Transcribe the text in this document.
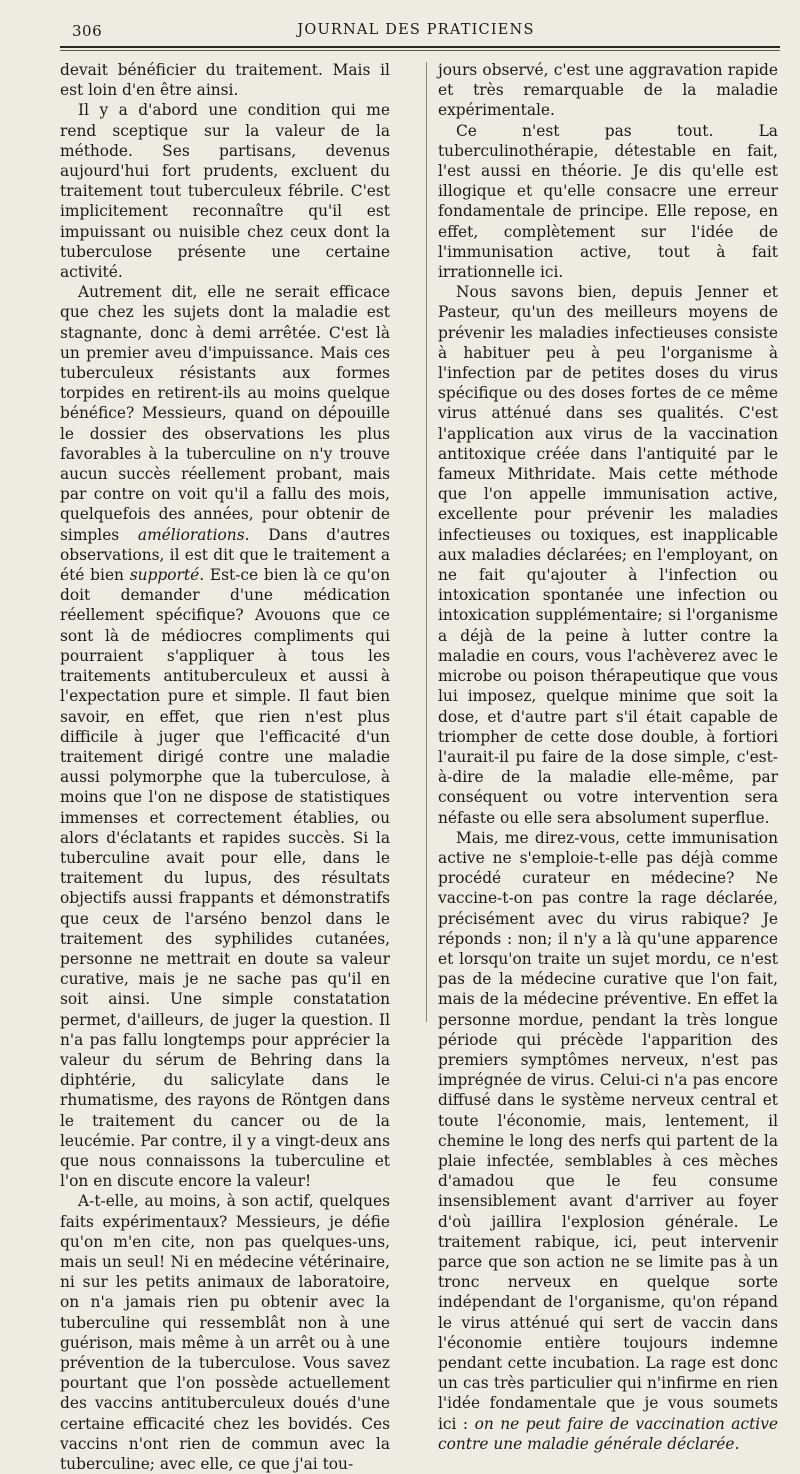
306	JOURNAL DES PRATICIENS

devait bénéficier du traitement. Mais il est loin d'en être ainsi.

Il y a d'abord une condition qui me rend sceptique sur la valeur de la méthode. Ses partisans, devenus aujourd'hui fort prudents, excluent du traitement tout tuberculeux fébrile. C'est implicitement reconnaître qu'il est impuissant ou nuisible chez ceux dont la tuberculose présente une certaine activité.

Autrement dit, elle ne serait efficace que chez les sujets dont la maladie est stagnante, donc à demi arrêtée. C'est là un premier aveu d'impuissance. Mais ces tuberculeux résistants aux formes torpides en retirent-ils au moins quelque bénéfice? Messieurs, quand on dépouille le dossier des observations les plus favorables à la tuberculine on n'y trouve aucun succès réellement probant, mais par contre on voit qu'il a fallu des mois, quelquefois des années, pour obtenir de simples améliorations. Dans d'autres observations, il est dit que le traitement a été bien supporté. Est-ce bien là ce qu'on doit demander d'une médication réellement spécifique? Avouons que ce sont là de médiocres compliments qui pourraient s'appliquer à tous les traitements antituberculeux et aussi à l'expectation pure et simple. Il faut bien savoir, en effet, que rien n'est plus difficile à juger que l'efficacité d'un traitement dirigé contre une maladie aussi polymorphe que la tuberculose, à moins que l'on ne dispose de statistiques immenses et correctement établies, ou alors d'éclatants et rapides succès. Si la tuberculine avait pour elle, dans le traitement du lupus, des résultats objectifs aussi frappants et démonstratifs que ceux de l'arséno benzol dans le traitement des syphilides cutanées, personne ne mettrait en doute sa valeur curative, mais je ne sache pas qu'il en soit ainsi. Une simple constatation permet, d'ailleurs, de juger la question. Il n'a pas fallu longtemps pour apprécier la valeur du sérum de Behring dans la diphtérie, du salicylate dans le rhumatisme, des rayons de Röntgen dans le traitement du cancer ou de la leucémie. Par contre, il y a vingt-deux ans que nous connaissons la tuberculine et l'on en discute encore la valeur!

A-t-elle, au moins, à son actif, quelques faits expérimentaux? Messieurs, je défie qu'on m'en cite, non pas quelques-uns, mais un seul! Ni en médecine vétérinaire, ni sur les petits animaux de laboratoire, on n'a jamais rien pu obtenir avec la tuberculine qui ressemblât non à une guérison, mais même à un arrêt ou à une prévention de la tuberculose. Vous savez pourtant que l'on possède actuellement des vaccins antituberculeux doués d'une certaine efficacité chez les bovidés. Ces vaccins n'ont rien de commun avec la tuberculine; avec elle, ce que j'ai tou-

jours observé, c'est une aggravation rapide et très remarquable de la maladie expérimentale.

Ce n'est pas tout. La tuberculinothérapie, détestable en fait, l'est aussi en théorie. Je dis qu'elle est illogique et qu'elle consacre une erreur fondamentale de principe. Elle repose, en effet, complètement sur l'idée de l'immunisation active, tout à fait irrationnelle ici.

Nous savons bien, depuis Jenner et Pasteur, qu'un des meilleurs moyens de prévenir les maladies infectieuses consiste à habituer peu à peu l'organisme à l'infection par de petites doses du virus spécifique ou des doses fortes de ce même virus atténué dans ses qualités. C'est l'application aux virus de la vaccination antitoxique créée dans l'antiquité par le fameux Mithridate. Mais cette méthode que l'on appelle immunisation active, excellente pour prévenir les maladies infectieuses ou toxiques, est inapplicable aux maladies déclarées; en l'employant, on ne fait qu'ajouter à l'infection ou intoxication spontanée une infection ou intoxication supplémentaire; si l'organisme a déjà de la peine à lutter contre la maladie en cours, vous l'achèverez avec le microbe ou poison thérapeutique que vous lui imposez, quelque minime que soit la dose, et d'autre part s'il était capable de triompher de cette dose double, à fortiori l'aurait-il pu faire de la dose simple, c'est-à-dire de la maladie elle-même, par conséquent ou votre intervention sera néfaste ou elle sera absolument superflue.

Mais, me direz-vous, cette immunisation active ne s'emploie-t-elle pas déjà comme procédé curateur en médecine? Ne vaccine-t-on pas contre la rage déclarée, précisément avec du virus rabique? Je réponds : non; il n'y a là qu'une apparence et lorsqu'on traite un sujet mordu, ce n'est pas de la médecine curative que l'on fait, mais de la médecine préventive. En effet la personne mordue, pendant la très longue période qui précède l'apparition des premiers symptômes nerveux, n'est pas imprégnée de virus. Celui-ci n'a pas encore diffusé dans le système nerveux central et toute l'économie, mais, lentement, il chemine le long des nerfs qui partent de la plaie infectée, semblables à ces mèches d'amadou que le feu consume insensiblement avant d'arriver au foyer d'où jaillira l'explosion générale. Le traitement rabique, ici, peut intervenir parce que son action ne se limite pas à un tronc nerveux en quelque sorte indépendant de l'organisme, qu'on répand le virus atténué qui sert de vaccin dans l'économie entière toujours indemne pendant cette incubation. La rage est donc un cas très particulier qui n'infirme en rien l'idée fondamentale que je vous soumets ici : on ne peut faire de vaccination active contre une maladie générale déclarée.
